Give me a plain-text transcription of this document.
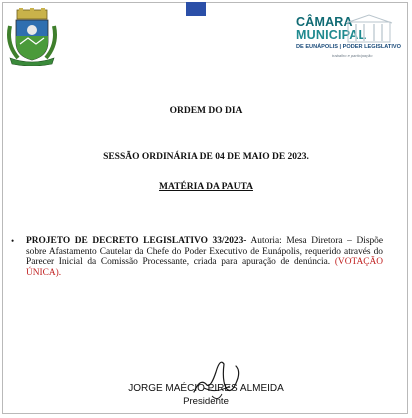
CÂMARA
MUNICIPAL
DE EUNÁPOLIS | PODER LEGISLATIVO
trabalho e participação
ORDEM DO DIA
SESSÃO ORDINÁRIA DE 04 DE MAIO DE 2023.
MATÉRIA DA PAUTA
• PROJETO DE DECRETO LEGISLATIVO 33/2023- Autoria: Mesa Diretora – Dispõe sobre Afastamento Cautelar da Chefe do Poder Executivo de Eunápolis, requerido através do Parecer Inicial da Comissão Processante, criada para apuração de denúncia. (VOTAÇÃO ÚNICA).
JORGE MAÉCIO PIRES ALMEIDA
Presidente
